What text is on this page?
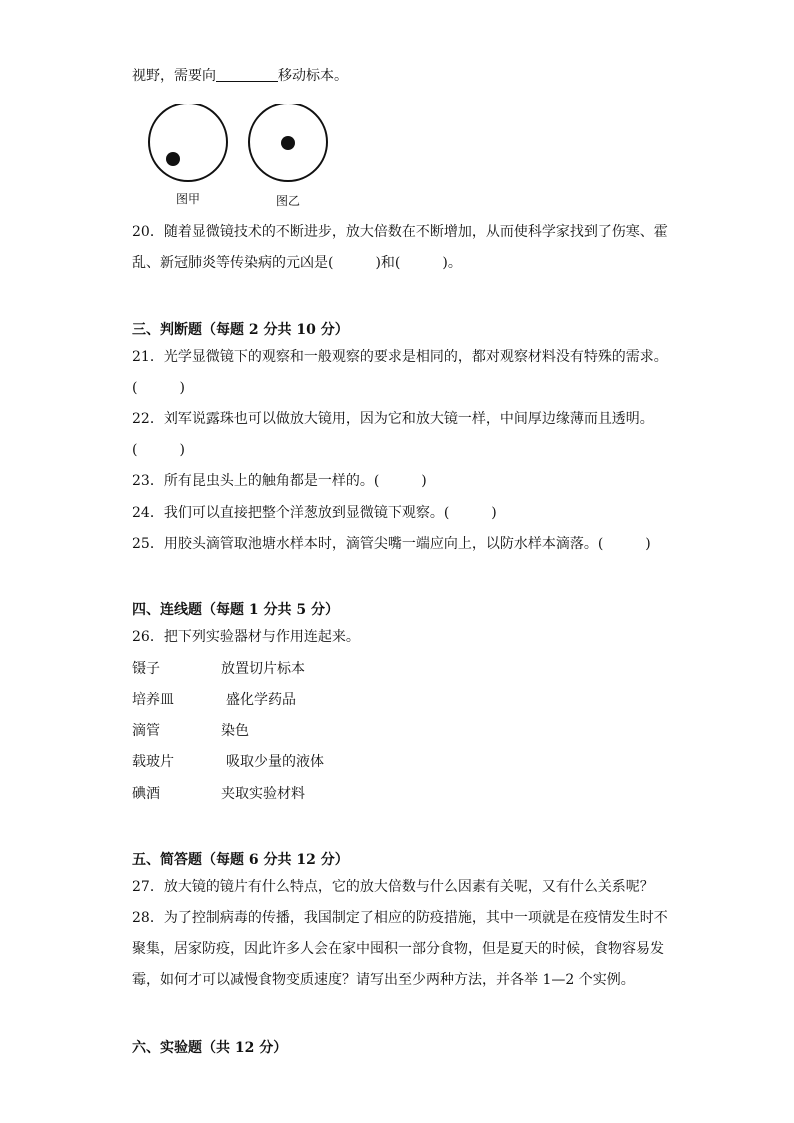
视野，需要向	移动标本。
图甲	图乙
20．随着显微镜技术的不断进步，放大倍数在不断增加，从而使科学家找到了伤寒、霍
乱、新冠肺炎等传染病的元凶是(　　　)和(　　　)。
三、判断题（每题 2 分共 10 分）
21．光学显微镜下的观察和一般观察的要求是相同的，都对观察材料没有特殊的需求。
(　　　)
22．刘军说露珠也可以做放大镜用，因为它和放大镜一样，中间厚边缘薄而且透明。
(　　　)
23．所有昆虫头上的触角都是一样的。(　　　)
24．我们可以直接把整个洋葱放到显微镜下观察。(　　　)
25．用胶头滴管取池塘水样本时，滴管尖嘴一端应向上，以防水样本滴落。(　　　)
四、连线题（每题 1 分共 5 分）
26．把下列实验器材与作用连起来。
镊子	放置切片标本
培养皿	盛化学药品
滴管	染色
载玻片	吸取少量的液体
碘酒	夹取实验材料
五、简答题（每题 6 分共 12 分）
27．放大镜的镜片有什么特点，它的放大倍数与什么因素有关呢，又有什么关系呢？
28．为了控制病毒的传播，我国制定了相应的防疫措施，其中一项就是在疫情发生时不
聚集，居家防疫，因此许多人会在家中囤积一部分食物，但是夏天的时候，食物容易发
霉，如何才可以减慢食物变质速度？请写出至少两种方法，并各举 1—2 个实例。
六、实验题（共 12 分）
